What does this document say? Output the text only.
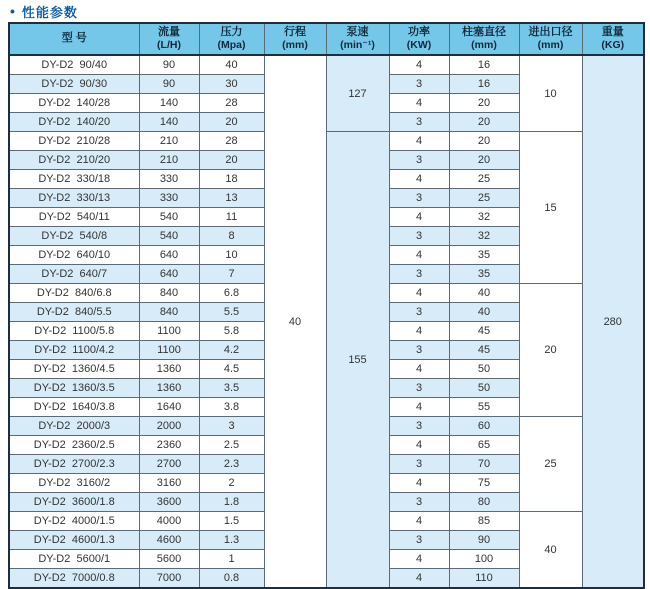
• 性能参数
型 号

流量
(L/H)

压力
(Mpa)

行程
(mm)

泵速
(min⁻¹)

功率
(KW)

柱塞直径
(mm)

进出口径
(mm)

重量
(KG)

DY-D2  90/40	90	40	40	127	4	16	10	280
DY-D2  90/30	90	30			3	16		
DY-D2  140/28	140	28			4	20		
DY-D2  140/20	140	20			3	20		
DY-D2  210/28	210	28		155	4	20	15	
DY-D2  210/20	210	20			3	20		
DY-D2  330/18	330	18			4	25		
DY-D2  330/13	330	13			3	25		
DY-D2  540/11	540	11			4	32		
DY-D2  540/8	540	8			3	32		
DY-D2  640/10	640	10			4	35		
DY-D2  640/7	640	7			3	35		
DY-D2  840/6.8	840	6.8			4	40	20	
DY-D2  840/5.5	840	5.5			3	40		
DY-D2  1100/5.8	1100	5.8			4	45		
DY-D2  1100/4.2	1100	4.2			3	45		
DY-D2  1360/4.5	1360	4.5			4	50		
DY-D2  1360/3.5	1360	3.5			3	50		
DY-D2  1640/3.8	1640	3.8			4	55		
DY-D2  2000/3	2000	3			3	60	25	
DY-D2  2360/2.5	2360	2.5			4	65		
DY-D2  2700/2.3	2700	2.3			3	70		
DY-D2  3160/2	3160	2			4	75		
DY-D2  3600/1.8	3600	1.8			3	80		
DY-D2  4000/1.5	4000	1.5			4	85	40	
DY-D2  4600/1.3	4600	1.3			3	90		
DY-D2  5600/1	5600	1			4	100		
DY-D2  7000/0.8	7000	0.8			4	110		
